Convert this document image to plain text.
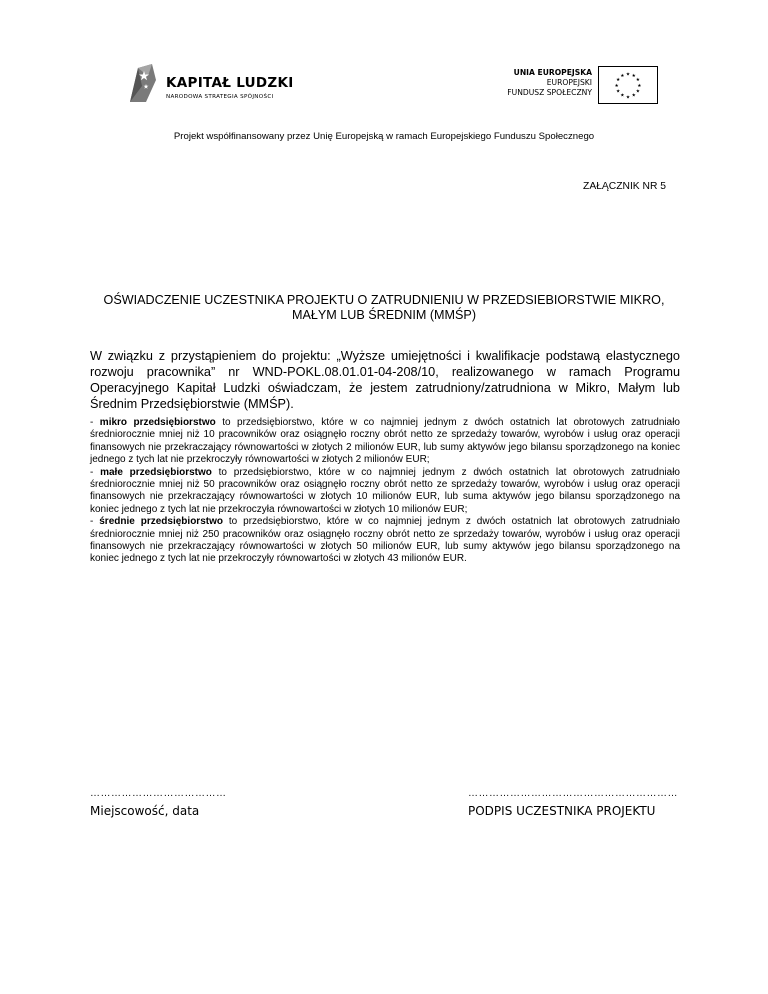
KAPITAŁ LUDZKI
NARODOWA STRATEGIA SPÓJNOŚCI
UNIA EUROPEJSKA
EUROPEJSKI
FUNDUSZ SPOŁECZNY
★ ★
★
★
★
★
★
★
★
★
★
★
Projekt współfinansowany przez Unię Europejską w ramach Europejskiego Funduszu Społecznego
ZAŁĄCZNIK NR 5
OŚWIADCZENIE UCZESTNIKA PROJEKTU O ZATRUDNIENIU W PRZEDSIEBIORSTWIE MIKRO,
MAŁYM LUB ŚREDNIM (MMŚP)
W związku z przystąpieniem do projektu: „Wyższe umiejętności i kwalifikacje podstawą elastycznego rozwoju pracownika” nr WND-POKL.08.01.01-04-208/10, realizowanego w ramach Programu Operacyjnego Kapitał Ludzki oświadczam, że jestem zatrudniony/zatrudniona w Mikro, Małym lub Średnim Przedsiębiorstwie (MMŚP).

- mikro przedsiębiorstwo to przedsiębiorstwo, które w co najmniej jednym z dwóch ostatnich lat obrotowych zatrudniało średniorocznie mniej niż 10 pracowników oraz osiągnęło roczny obrót netto ze sprzedaży towarów, wyrobów i usług oraz operacji finansowych nie przekraczający równowartości w złotych 2 milionów EUR, lub sumy aktywów jego bilansu sporządzonego na koniec jednego z tych lat nie przekroczyły równowartości w złotych 2 milionów EUR;

- małe przedsiębiorstwo to przedsiębiorstwo, które w co najmniej jednym z dwóch ostatnich lat obrotowych zatrudniało średniorocznie mniej niż 50 pracowników oraz osiągnęło roczny obrót netto ze sprzedaży towarów, wyrobów i usług oraz operacji finansowych nie przekraczający równowartości w złotych 10 milionów EUR, lub suma aktywów jego bilansu sporządzonego na koniec jednego z tych lat nie przekroczyła równowartości w złotych 10 milionów EUR;

- średnie przedsiębiorstwo to przedsiębiorstwo, które w co najmniej jednym z dwóch ostatnich lat obrotowych zatrudniało średniorocznie mniej niż 250 pracowników oraz osiągnęło roczny obrót netto ze sprzedaży towarów, wyrobów i usług oraz operacji finansowych nie przekraczający równowartości w złotych 50 milionów EUR, lub sumy aktywów jego bilansu sporządzonego na koniec jednego z tych lat nie przekroczyły równowartości w złotych 43 milionów EUR.

…………………………………
Miejscowość, data
……………………………………………………
PODPIS UCZESTNIKA PROJEKTU
